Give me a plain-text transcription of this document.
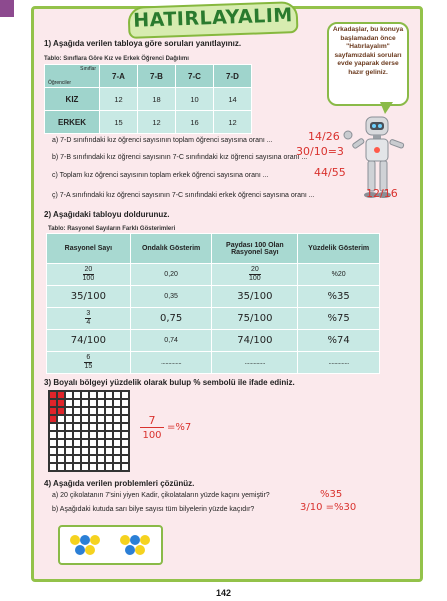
HATIRLAYALIM	Arkadaşlar, bu konuya başlamadan önce "Hatırlayalım" sayfamızdaki soruları evde yaparak derse hazır geliniz.
1) Aşağıda verilen tabloya göre soruları yanıtlayınız.
Tablo: Sınıflara Göre Kız ve Erkek Öğrenci Dağılımı
Sınıflar
Öğrenciler	7-A	7-B	7-C	7-D
KIZ	12	18	10	14
ERKEK	15	12	16	12
a) 7-D sınıfındaki kız öğrenci sayısının toplam öğrenci sayısına oranı ...	14/26
b) 7-B sınıfındaki kız öğrenci sayısının 7-C sınıfındaki kız öğrenci sayısına oranı ...
30/10=3
c) Toplam kız öğrenci sayısının toplam erkek öğrenci sayısına oranı ...	44/55
ç) 7-A sınıfındaki kız öğrenci sayısının 7-C sınıfındaki erkek öğrenci sayısına oranı ...	12/16
2) Aşağıdaki tabloyu doldurunuz.
Tablo: Rasyonel Sayıların Farklı Gösterimleri
Rasyonel Sayı	Ondalık Gösterim	Paydası 100 Olan Rasyonel Sayı	Yüzdelik Gösterim

$\frac{20}{100}$	0,20	$\frac{20}{100}$	%20
35/100	0,35	35/100	%35

$\frac{3}{4}$	0,75	75/100	%75
74/100	0,74	74/100	%74

$\frac{6}{15}$	..............	..............	..............
3) Boyalı bölgeyi yüzdelik olarak bulup % sembolü ile ifade ediniz.
7
100
=%7
4) Aşağıda verilen problemleri çözünüz.
a) 20 çikolatanın 7'sini yiyen Kadir, çikolataların yüzde kaçını yemiştir?	%35
b) Aşağıdaki kutuda sarı bilye sayısı tüm bilyelerin yüzde kaçıdır?	3/10 =%30
142
